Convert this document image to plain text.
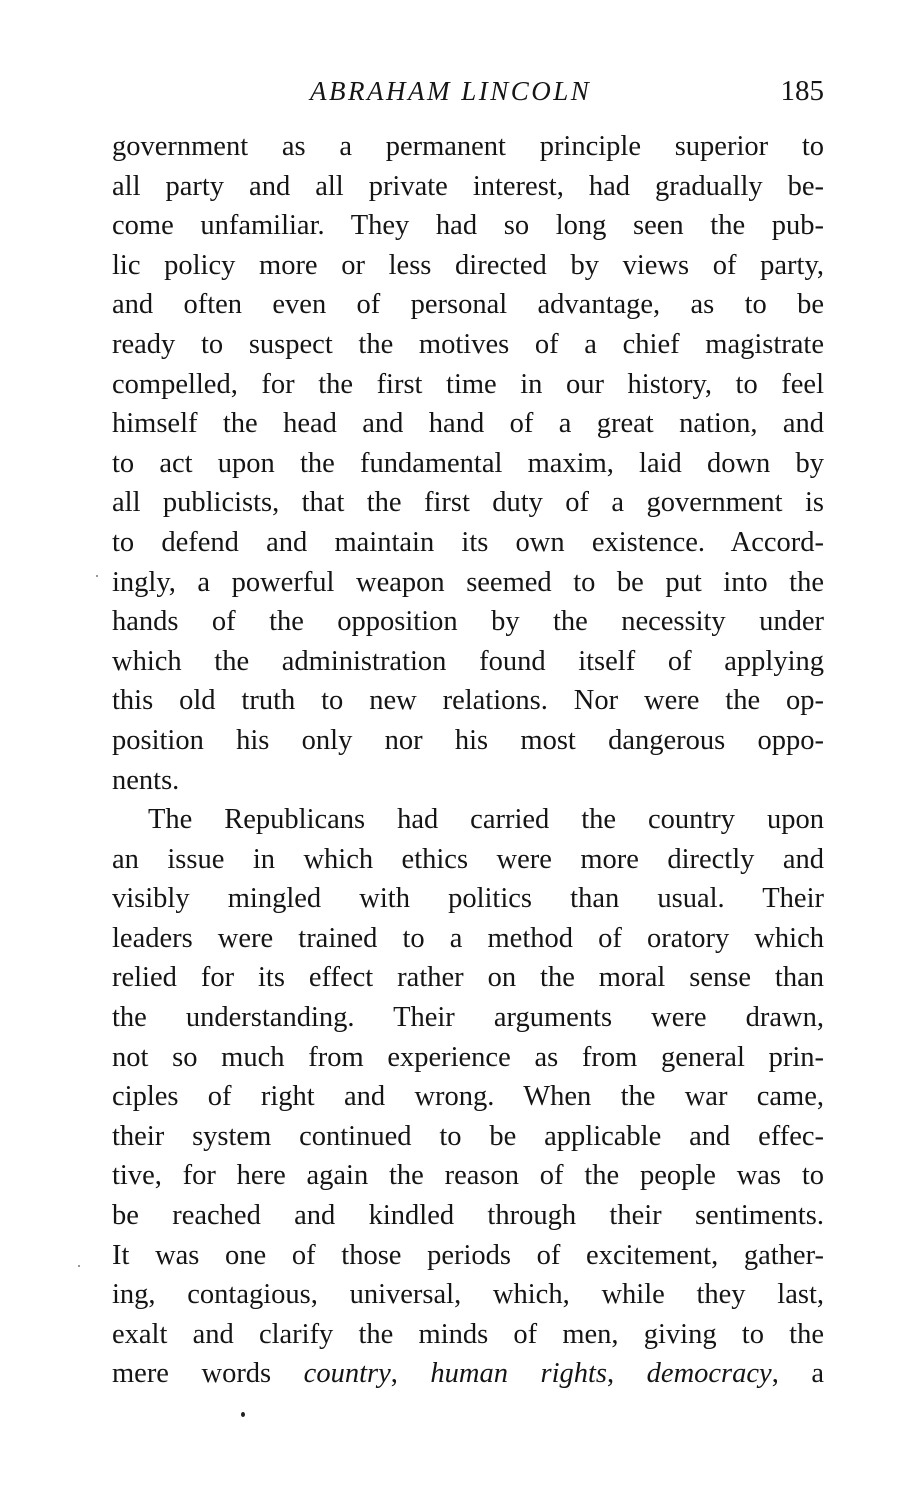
ABRAHAM LINCOLN	185
government as a permanent principle superior to
all party and all private interest, had gradually be-
come unfamiliar. They had so long seen the pub-
lic policy more or less directed by views of party,
and often even of personal advantage, as to be
ready to suspect the motives of a chief magistrate
compelled, for the first time in our history, to feel
himself the head and hand of a great nation, and
to act upon the fundamental maxim, laid down by
all publicists, that the first duty of a government is
to defend and maintain its own existence. Accord-
ingly, a powerful weapon seemed to be put into the
hands of the opposition by the necessity under
which the administration found itself of applying
this old truth to new relations. Nor were the op-
position his only nor his most dangerous oppo-
nents.
The Republicans had carried the country upon
an issue in which ethics were more directly and
visibly mingled with politics than usual. Their
leaders were trained to a method of oratory which
relied for its effect rather on the moral sense than
the understanding. Their arguments were drawn,
not so much from experience as from general prin-
ciples of right and wrong. When the war came,
their system continued to be applicable and effec-
tive, for here again the reason of the people was to
be reached and kindled through their sentiments.
It was one of those periods of excitement, gather-
ing, contagious, universal, which, while they last,
exalt and clarify the minds of men, giving to the
mere words country, human rights, democracy, a
